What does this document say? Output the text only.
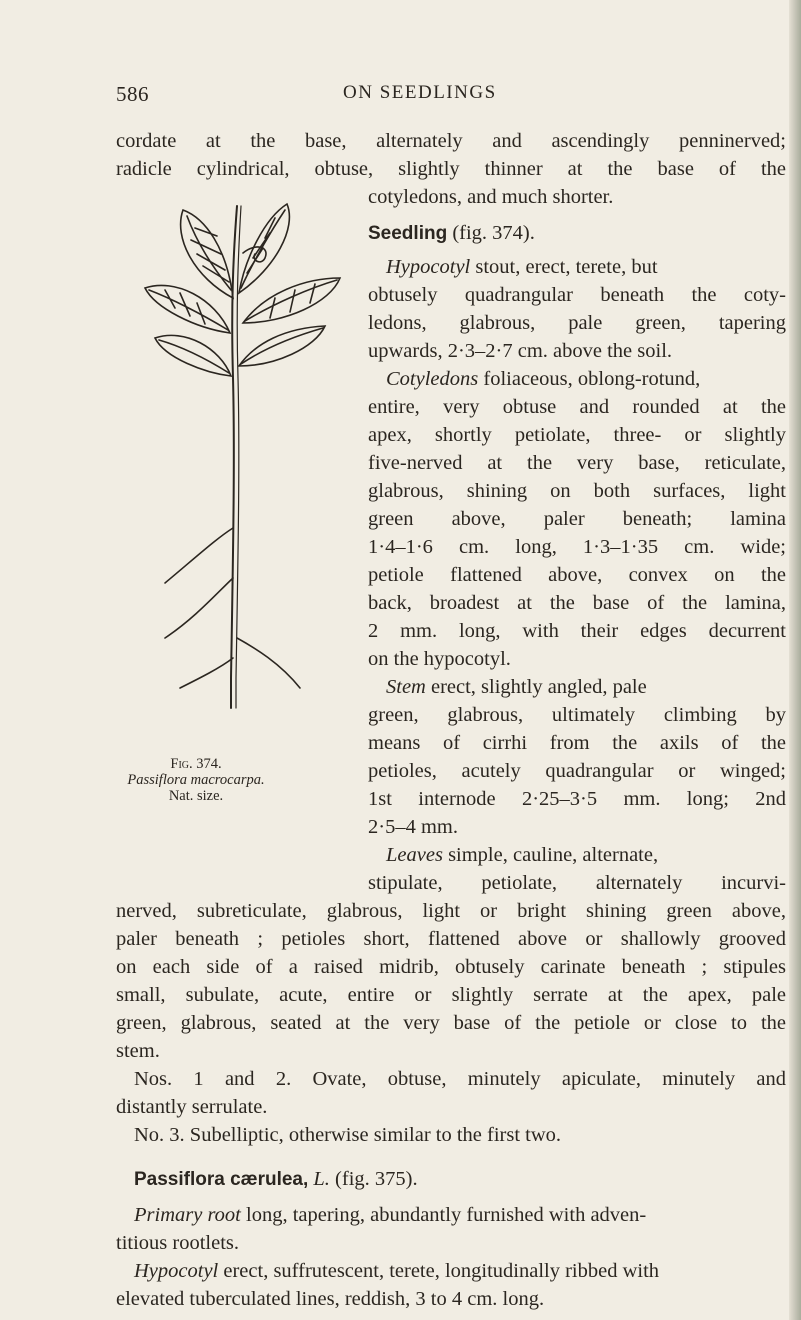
586	ON SEEDLINGS
cordate at the base, alternately and ascendingly penninerved;
radicle cylindrical, obtuse, slightly thinner at the base of the
cotyledons, and much shorter.
Fig. 374.
Passiflora macrocarpa.
Nat. size.
Seedling (fig. 374).
Hypocotyl stout, erect, terete, but
obtusely quadrangular beneath the coty-
ledons, glabrous, pale green, tapering
upwards, 2·3–2·7 cm. above the soil.
Cotyledons foliaceous, oblong-rotund,
entire, very obtuse and rounded at the
apex, shortly petiolate, three- or slightly
five-nerved at the very base, reticulate,
glabrous, shining on both surfaces, light
green above, paler beneath; lamina
1·4–1·6 cm. long, 1·3–1·35 cm. wide;
petiole flattened above, convex on the
back, broadest at the base of the lamina,
2 mm. long, with their edges decurrent
on the hypocotyl.
Stem erect, slightly angled, pale
green, glabrous, ultimately climbing by
means of cirrhi from the axils of the
petioles, acutely quadrangular or winged;
1st internode 2·25–3·5 mm. long; 2nd
2·5–4 mm.
Leaves simple, cauline, alternate,
stipulate, petiolate, alternately incurvi-
nerved, subreticulate, glabrous, light or bright shining green above,
paler beneath ; petioles short, flattened above or shallowly grooved
on each side of a raised midrib, obtusely carinate beneath ; stipules
small, subulate, acute, entire or slightly serrate at the apex, pale
green, glabrous, seated at the very base of the petiole or close to the
stem.
Nos. 1 and 2. Ovate, obtuse, minutely apiculate, minutely and
distantly serrulate.
No. 3. Subelliptic, otherwise similar to the first two.
Passiflora cærulea, L. (fig. 375).
Primary root long, tapering, abundantly furnished with adven-
titious rootlets.
Hypocotyl erect, suffrutescent, terete, longitudinally ribbed with
elevated tuberculated lines, reddish, 3 to 4 cm. long.
